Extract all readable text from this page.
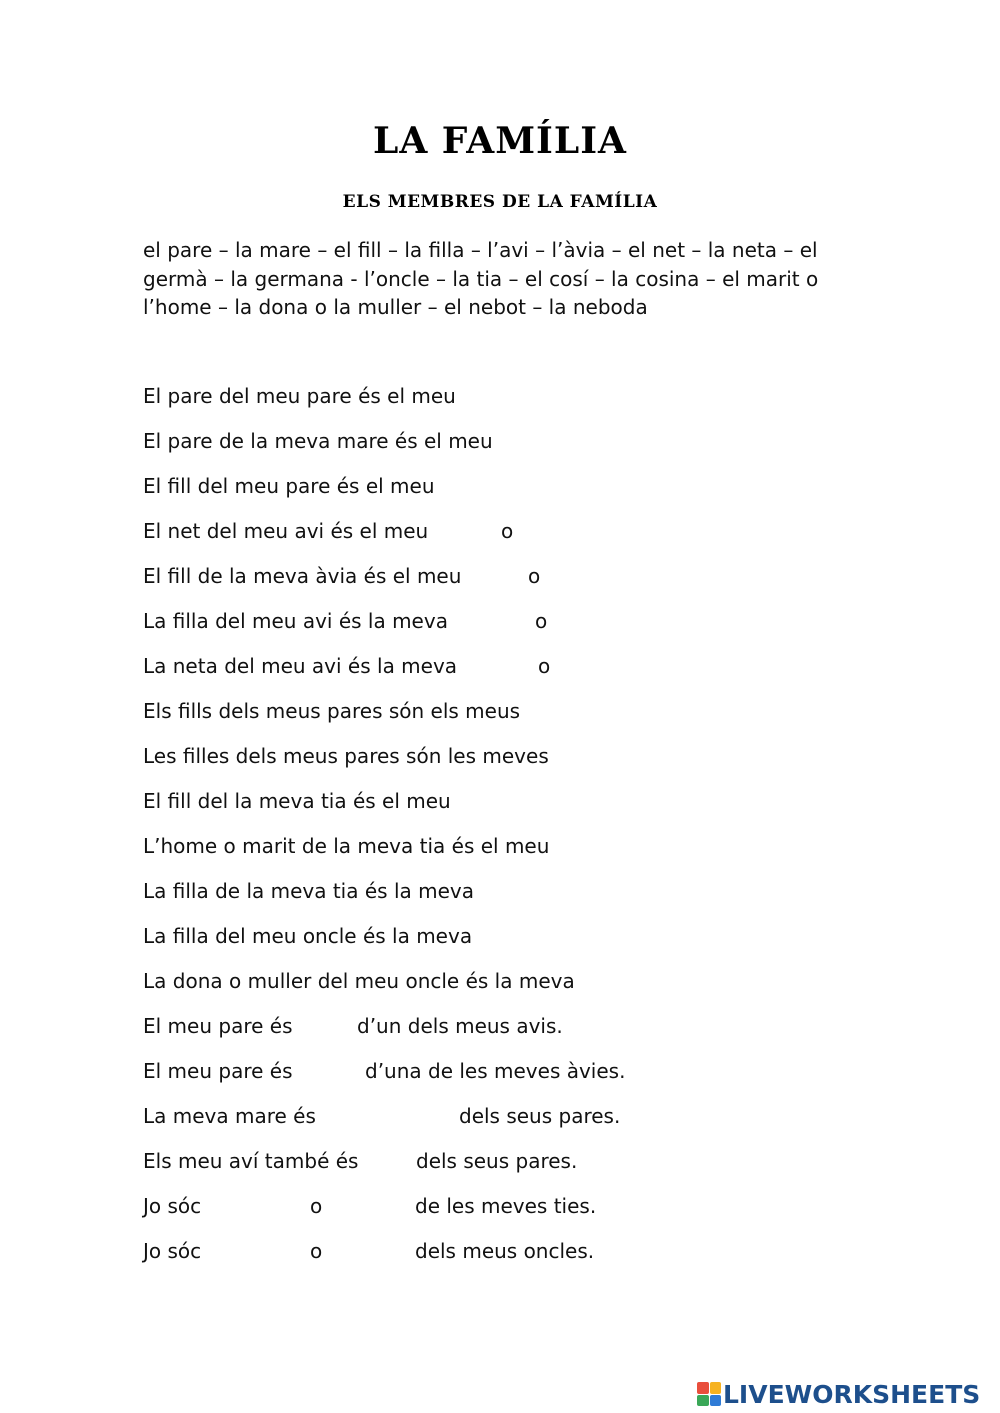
LA FAMÍLIA
ELS MEMBRES DE LA FAMÍLIA
el pare – la mare – el fill – la filla – l’avi – l’àvia – el net – la neta – el germà – la germana - l’oncle – la tia – el cosí – la cosina – el marit o l’home – la dona o la muller – el nebot – la neboda
El pare del meu pare és el meu
El pare de la meva mare és el meu
El fill del meu pare és el meu
El net del meu avi és el meu	o
El fill de la meva àvia és el meu	o
La filla del meu avi és la meva	o
La neta del meu avi és la meva	o
Els fills dels meus pares són els meus
Les filles dels meus pares són les meves
El fill del la meva tia és el meu
L’home o marit de la meva tia és el meu
La filla de la meva tia és la meva
La filla del meu oncle és la meva
La dona o muller del meu oncle és la meva
El meu pare és	d’un dels meus avis.
El meu pare és	d’una de les meves àvies.
La meva mare és	dels seus pares.
Els meu aví també és	dels seus pares.
Jo sóc	o	de les meves ties.
Jo sóc	o	dels meus oncles.
LIVEWORKSHEETS
